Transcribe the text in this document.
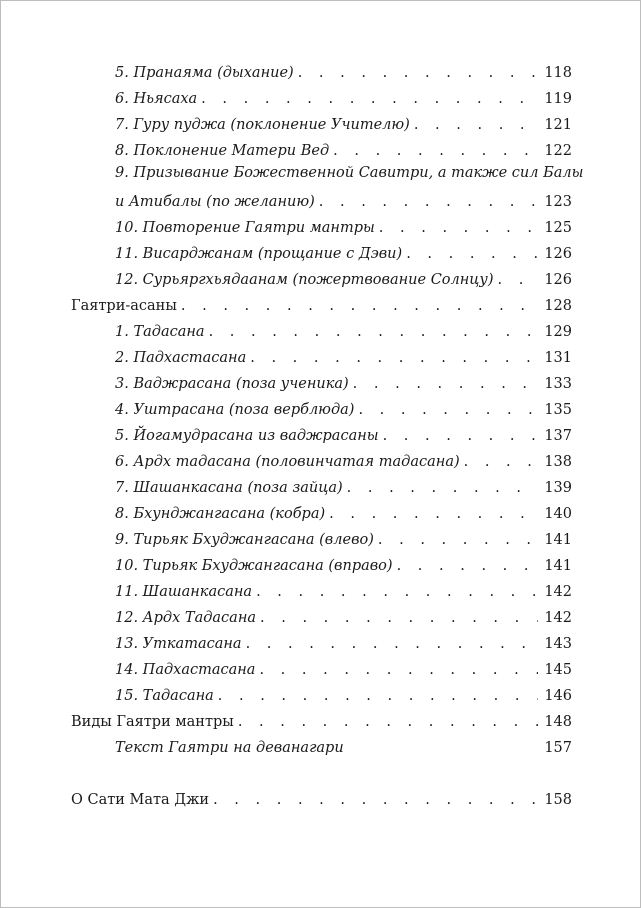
5. Пранаяма (дыхание) . . .	118
6. Ньясаха . . .	119
7. Гуру пуджа (поклонение Учителю) . . .	121
8. Поклонение Матери Вед . . .	122
9. Призывание Божественной Савитри, а также сил Балы
и Атибалы (по желанию) . . .	123
10. Повторение Гаятри мантры . . .	125
11. Висарджанам (прощание с Дэви) . . .	126
12. Сурьяргхьядаанам (пожертвование Солнцу) . . .	126
Гаятри-асаны . . .	128
1. Тадасана . . .	129
2. Падхастасана . . .	131
3. Ваджрасана (поза ученика) . . .	133
4. Уштрасана (поза верблюда) . . .	135
5. Йогамудрасана из ваджрасаны . . .	137
6. Ардх тадасана (половинчатая тадасана) . . .	138
7. Шашанкасана (поза зайца) . . .	139
8. Бхунджангасана (кобра) . . .	140
9. Тирьяк Бхуджангасана (влево) . . .	141
10. Тирьяк Бхуджангасана (вправо) . . .	141
11. Шашанкасана . . .	142
12. Ардх Тадасана . . .	142
13. Уткатасана . . .	143
14. Падхастасана . . .	145
15. Тадасана . . .	146
Виды Гаятри мантры . . .	148
Текст Гаятри на деванагари	157
О Сати Мата Джи . . .	158
